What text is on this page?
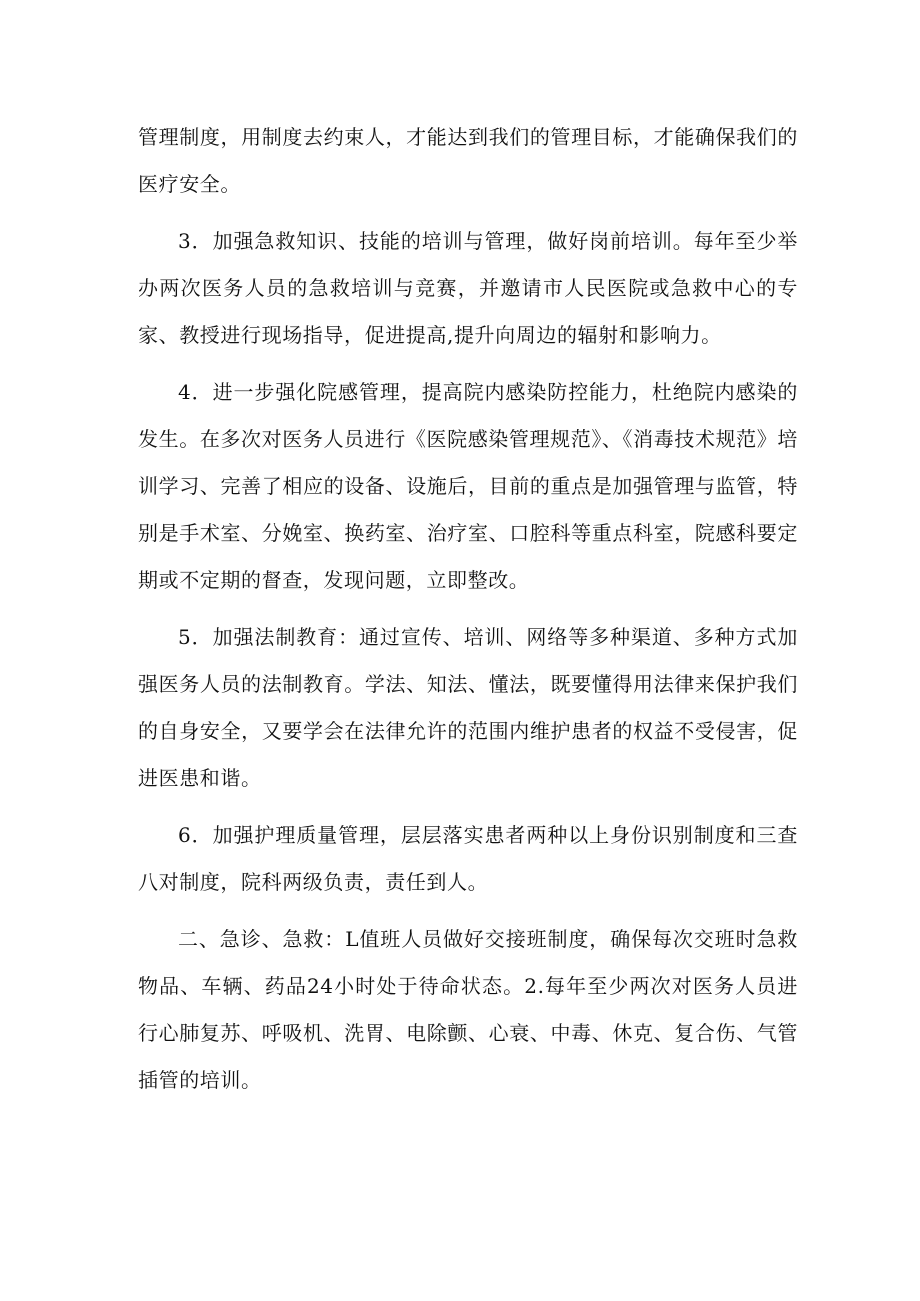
管理制度，用制度去约束人，才能达到我们的管理目标，才能确保我们的医疗安全。

3．加强急救知识、技能的培训与管理，做好岗前培训。每年至少举办两次医务人员的急救培训与竞赛，并邀请市人民医院或急救中心的专家、教授进行现场指导，促进提高,提升向周边的辐射和影响力。

4．进一步强化院感管理，提高院内感染防控能力，杜绝院内感染的发生。在多次对医务人员进行《医院感染管理规范》、《消毒技术规范》培训学习、完善了相应的设备、设施后，目前的重点是加强管理与监管，特别是手术室、分娩室、换药室、治疗室、口腔科等重点科室，院感科要定期或不定期的督查，发现问题，立即整改。

5．加强法制教育：通过宣传、培训、网络等多种渠道、多种方式加强医务人员的法制教育。学法、知法、懂法，既要懂得用法律来保护我们的自身安全，又要学会在法律允许的范围内维护患者的权益不受侵害，促进医患和谐。

6．加强护理质量管理，层层落实患者两种以上身份识别制度和三查八对制度，院科两级负责，责任到人。

二、急诊、急救：L值班人员做好交接班制度，确保每次交班时急救物品、车辆、药品24小时处于待命状态。2.每年至少两次对医务人员进行心肺复苏、呼吸机、洗胃、电除颤、心衰、中毒、休克、复合伤、气管插管的培训。
